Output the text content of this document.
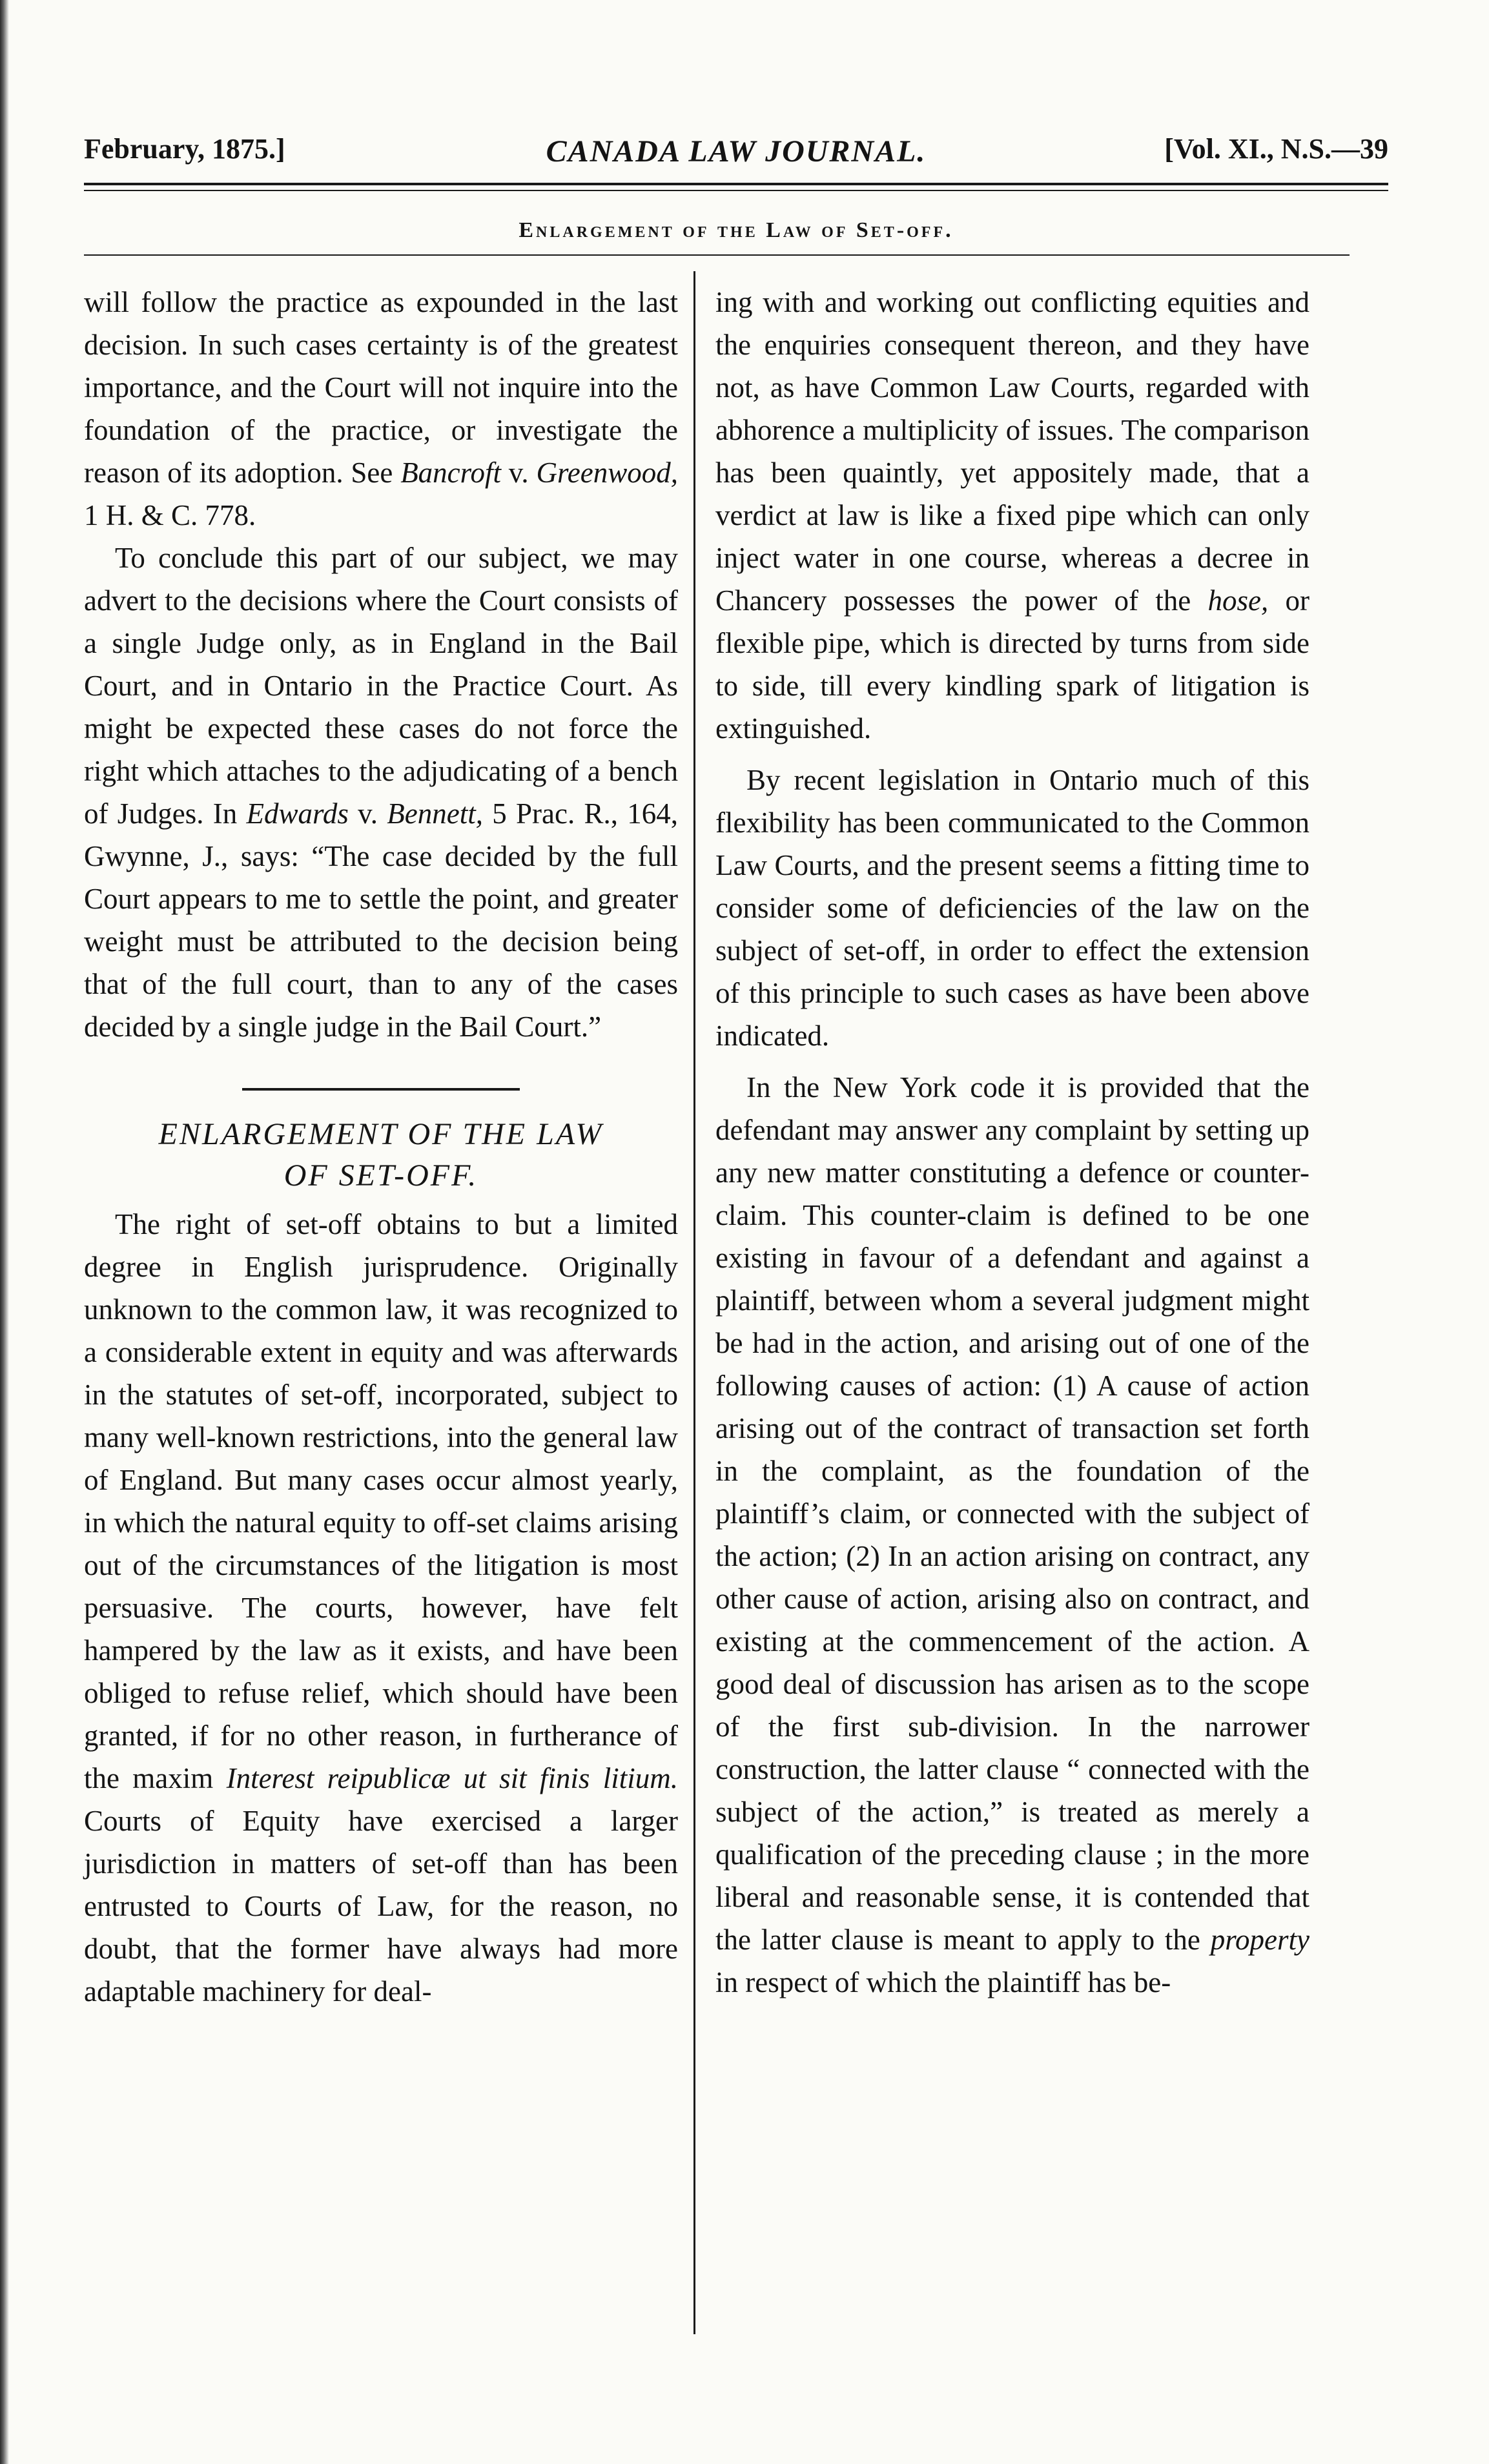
February, 1875.]	CANADA LAW JOURNAL.	[Vol. XI., N.S.—39
Enlargement of the Law of Set-off.

will follow the practice as expounded in the last decision. In such cases certainty is of the greatest importance, and the Court will not inquire into the foundation of the practice, or investigate the reason of its adoption. See Bancroft v. Greenwood, 1 H. & C. 778.

To conclude this part of our subject, we may advert to the decisions where the Court consists of a single Judge only, as in England in the Bail Court, and in Ontario in the Practice Court. As might be expected these cases do not force the right which attaches to the adjudicating of a bench of Judges. In Edwards v. Bennett, 5 Prac. R., 164, Gwynne, J., says: “The case decided by the full Court appears to me to settle the point, and greater weight must be attributed to the decision being that of the full court, than to any of the cases decided by a single judge in the Bail Court.”

ENLARGEMENT OF THE LAW
OF SET-OFF.

The right of set-off obtains to but a limited degree in English jurisprudence. Originally unknown to the common law, it was recognized to a considerable extent in equity and was afterwards in the statutes of set-off, incorporated, subject to many well-known restrictions, into the general law of England. But many cases occur almost yearly, in which the natural equity to off-set claims arising out of the circumstances of the litigation is most persuasive. The courts, however, have felt hampered by the law as it exists, and have been obliged to refuse relief, which should have been granted, if for no other reason, in furtherance of the maxim Interest reipublicæ ut sit finis litium. Courts of Equity have exercised a larger jurisdiction in matters of set-off than has been entrusted to Courts of Law, for the reason, no doubt, that the former have always had more adaptable machinery for deal-

ing with and working out conflicting equities and the enquiries consequent thereon, and they have not, as have Common Law Courts, regarded with abhorence a multiplicity of issues. The comparison has been quaintly, yet appositely made, that a verdict at law is like a fixed pipe which can only inject water in one course, whereas a decree in Chancery possesses the power of the hose, or flexible pipe, which is directed by turns from side to side, till every kindling spark of litigation is extinguished.

By recent legislation in Ontario much of this flexibility has been communicated to the Common Law Courts, and the present seems a fitting time to consider some of deficiencies of the law on the subject of set-off, in order to effect the extension of this principle to such cases as have been above indicated.

In the New York code it is provided that the defendant may answer any complaint by setting up any new matter constituting a defence or counter-claim. This counter-claim is defined to be one existing in favour of a defendant and against a plaintiff, between whom a several judgment might be had in the action, and arising out of one of the following causes of action: (1) A cause of action arising out of the contract of transaction set forth in the complaint, as the foundation of the plaintiff’s claim, or connected with the subject of the action; (2) In an action arising on contract, any other cause of action, arising also on contract, and existing at the commencement of the action. A good deal of discussion has arisen as to the scope of the first sub-division. In the narrower construction, the latter clause “ connected with the subject of the action,” is treated as merely a qualification of the preceding clause ; in the more liberal and reasonable sense, it is contended that the latter clause is meant to apply to the property in respect of which the plaintiff has be-
